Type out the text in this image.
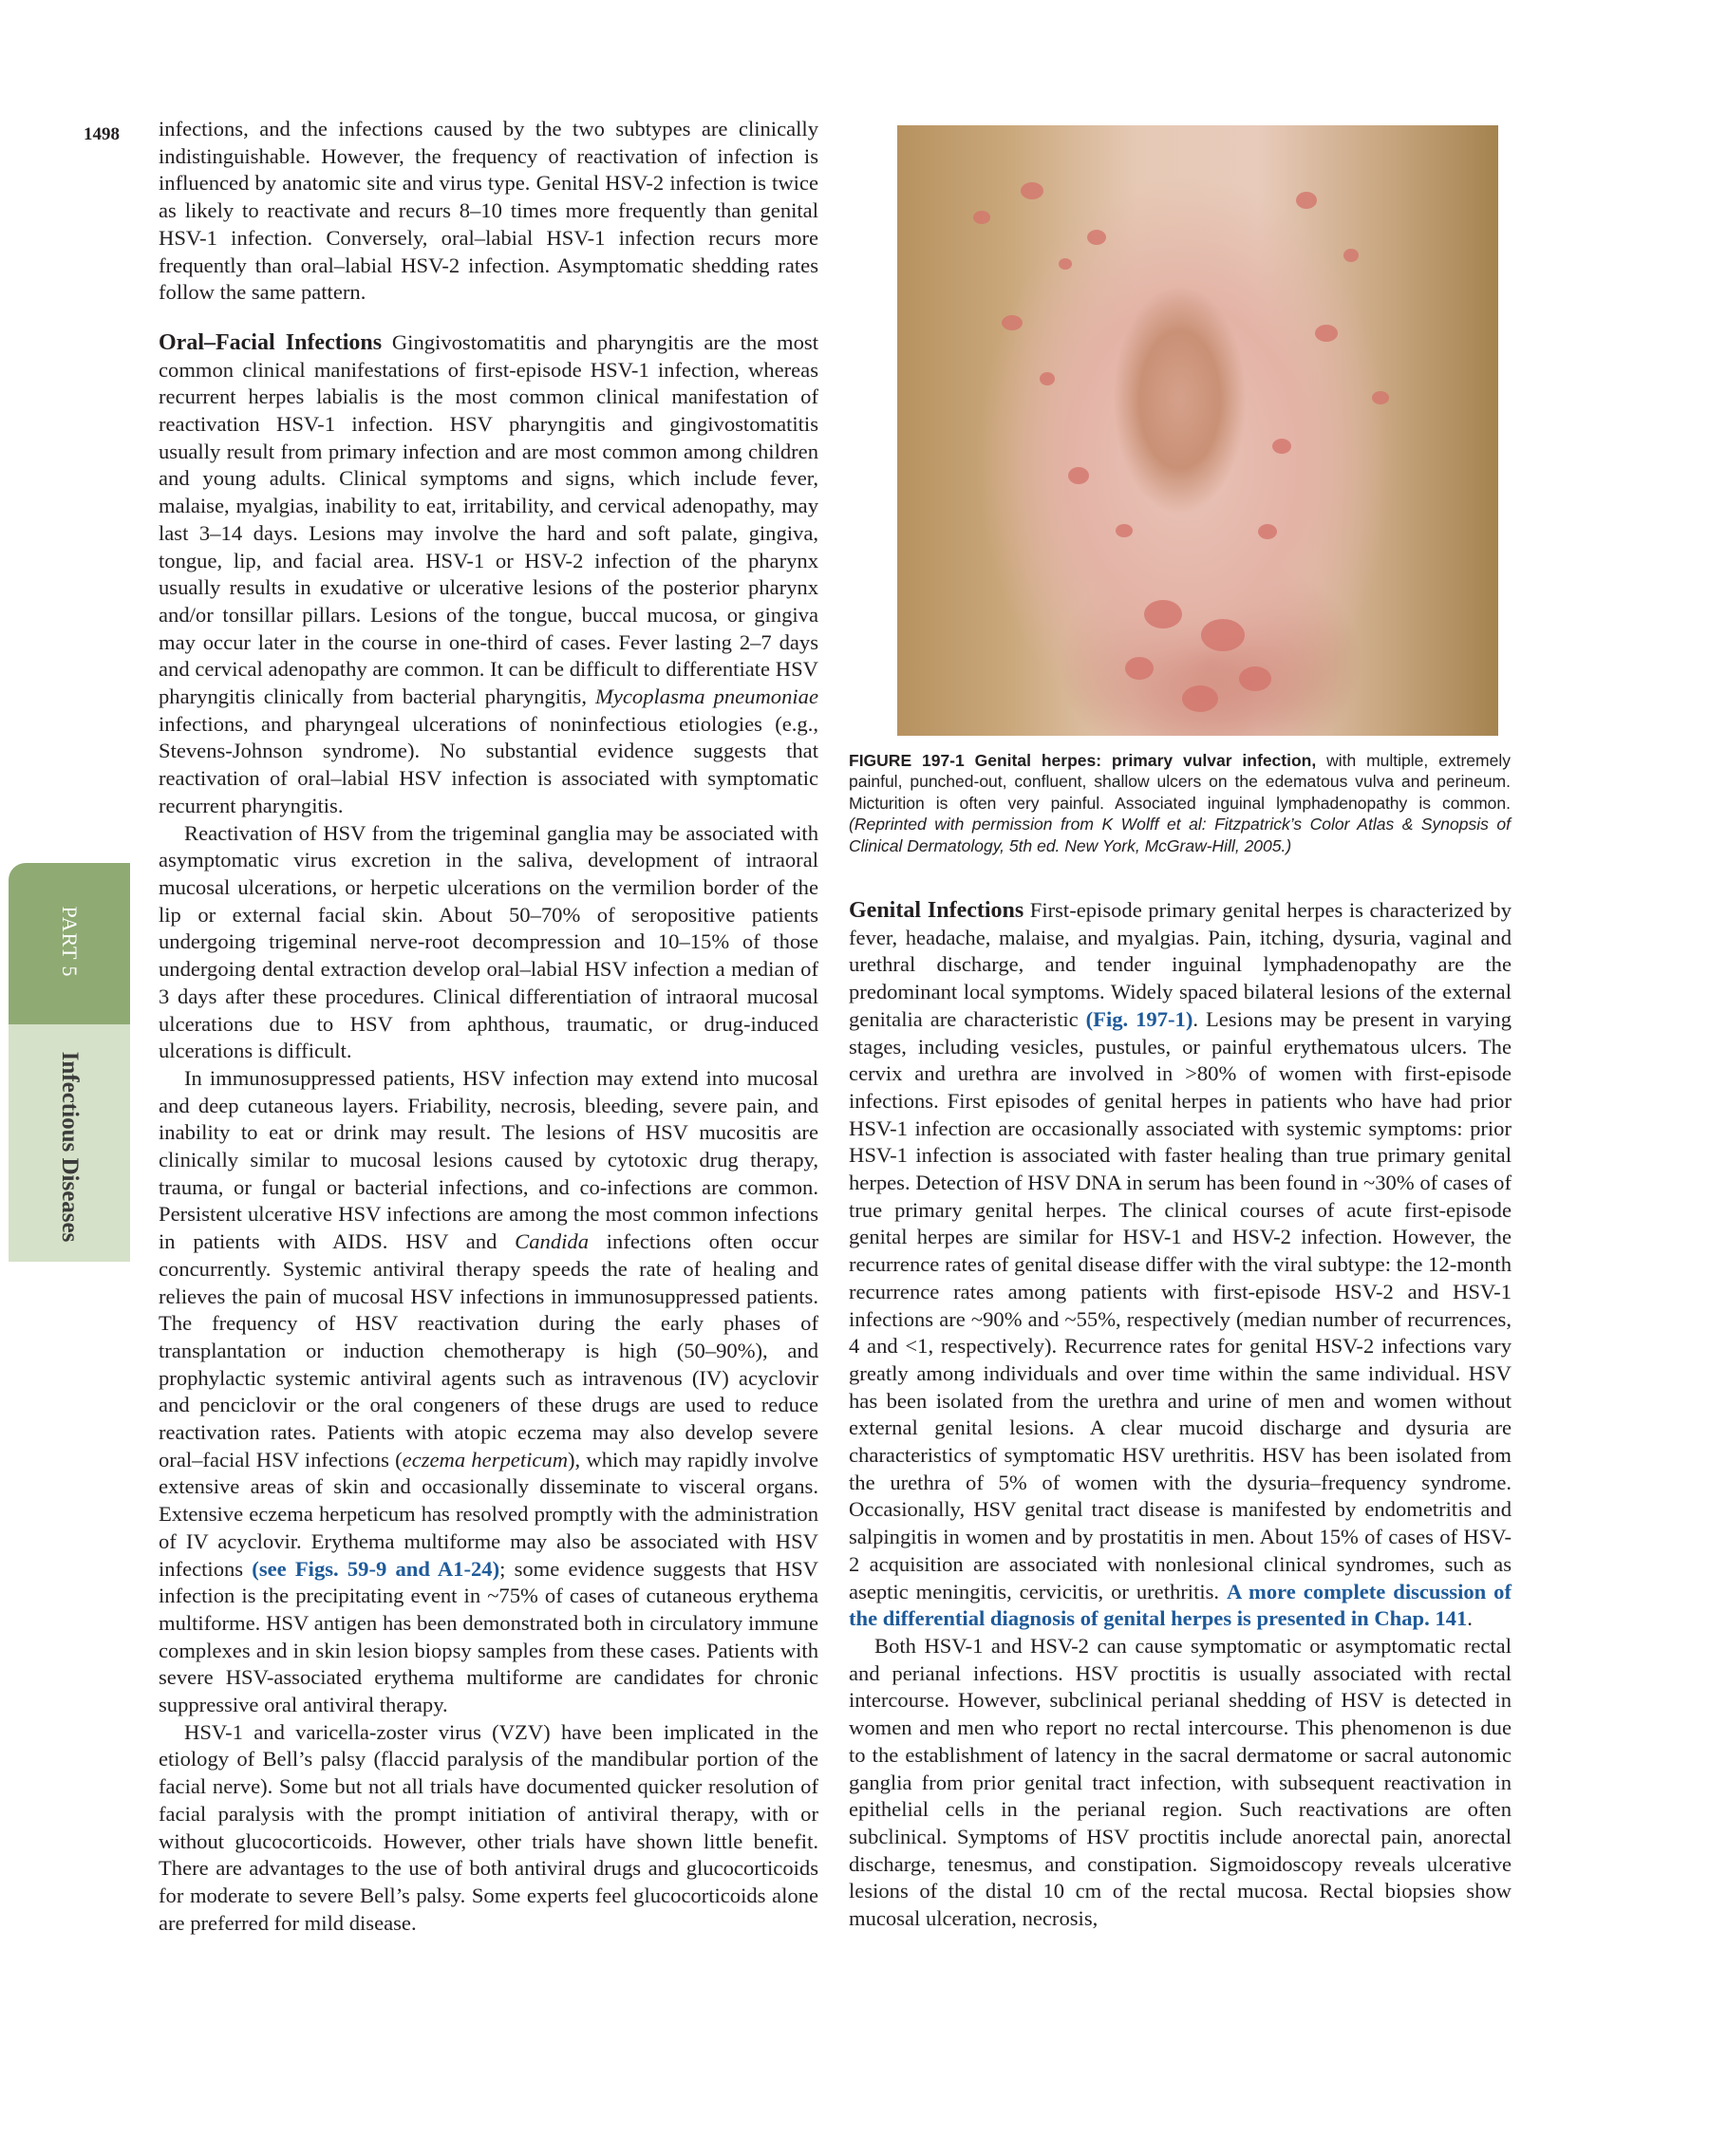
1498
PART 5
Infectious Diseases

infections, and the infections caused by the two subtypes are clinically indistinguishable. However, the frequency of reactivation of infection is influenced by anatomic site and virus type. Genital HSV-2 infection is twice as likely to reactivate and recurs 8–10 times more frequently than genital HSV-1 infection. Conversely, oral–labial HSV-1 infection recurs more frequently than oral–labial HSV-2 infection. Asymptomatic shedding rates follow the same pattern.

Oral–Facial Infections Gingivostomatitis and pharyngitis are the most common clinical manifestations of first-episode HSV-1 infection, whereas recurrent herpes labialis is the most common clinical manifestation of reactivation HSV-1 infection. HSV pharyngitis and gingivostomatitis usually result from primary infection and are most common among children and young adults. Clinical symptoms and signs, which include fever, malaise, myalgias, inability to eat, irritability, and cervical adenopathy, may last 3–14 days. Lesions may involve the hard and soft palate, gingiva, tongue, lip, and facial area. HSV-1 or HSV-2 infection of the pharynx usually results in exudative or ulcerative lesions of the posterior pharynx and/or tonsillar pillars. Lesions of the tongue, buccal mucosa, or gingiva may occur later in the course in one-third of cases. Fever lasting 2–7 days and cervical adenopathy are common. It can be difficult to differentiate HSV pharyngitis clinically from bacterial pharyngitis, Mycoplasma pneumoniae infections, and pharyngeal ulcerations of noninfectious etiologies (e.g., Stevens-Johnson syndrome). No substantial evidence suggests that reactivation of oral–labial HSV infection is associated with symptomatic recurrent pharyngitis.

Reactivation of HSV from the trigeminal ganglia may be associated with asymptomatic virus excretion in the saliva, development of intraoral mucosal ulcerations, or herpetic ulcerations on the vermilion border of the lip or external facial skin. About 50–70% of seropositive patients undergoing trigeminal nerve-root decompression and 10–15% of those undergoing dental extraction develop oral–labial HSV infection a median of 3 days after these procedures. Clinical differentiation of intraoral mucosal ulcerations due to HSV from aphthous, traumatic, or drug-induced ulcerations is difficult.

In immunosuppressed patients, HSV infection may extend into mucosal and deep cutaneous layers. Friability, necrosis, bleeding, severe pain, and inability to eat or drink may result. The lesions of HSV mucositis are clinically similar to mucosal lesions caused by cytotoxic drug therapy, trauma, or fungal or bacterial infections, and co-infections are common. Persistent ulcerative HSV infections are among the most common infections in patients with AIDS. HSV and Candida infections often occur concurrently. Systemic antiviral therapy speeds the rate of healing and relieves the pain of mucosal HSV infections in immunosuppressed patients. The frequency of HSV reactivation during the early phases of transplantation or induction chemotherapy is high (50–90%), and prophylactic systemic antiviral agents such as intravenous (IV) acyclovir and penciclovir or the oral congeners of these drugs are used to reduce reactivation rates. Patients with atopic eczema may also develop severe oral–facial HSV infections (eczema herpeticum), which may rapidly involve extensive areas of skin and occasionally disseminate to visceral organs. Extensive eczema herpeticum has resolved promptly with the administration of IV acyclovir. Erythema multiforme may also be associated with HSV infections (see Figs. 59-9 and A1-24); some evidence suggests that HSV infection is the precipitating event in ~75% of cases of cutaneous erythema multiforme. HSV antigen has been demonstrated both in circulatory immune complexes and in skin lesion biopsy samples from these cases. Patients with severe HSV-associated erythema multiforme are candidates for chronic suppressive oral antiviral therapy.

HSV-1 and varicella-zoster virus (VZV) have been implicated in the etiology of Bell’s palsy (flaccid paralysis of the mandibular portion of the facial nerve). Some but not all trials have documented quicker resolution of facial paralysis with the prompt initiation of antiviral therapy, with or without glucocorticoids. However, other trials have shown little benefit. There are advantages to the use of both antiviral drugs and glucocorticoids for moderate to severe Bell’s palsy. Some experts feel glucocorticoids alone are preferred for mild disease.

FIGURE 197-1 Genital herpes: primary vulvar infection, with multiple, extremely painful, punched-out, confluent, shallow ulcers on the edematous vulva and perineum. Micturition is often very painful. Associated inguinal lymphadenopathy is common. (Reprinted with permission from K Wolff et al: Fitzpatrick’s Color Atlas & Synopsis of Clinical Dermatology, 5th ed. New York, McGraw-Hill, 2005.)

Genital Infections First-episode primary genital herpes is characterized by fever, headache, malaise, and myalgias. Pain, itching, dysuria, vaginal and urethral discharge, and tender inguinal lymphadenopathy are the predominant local symptoms. Widely spaced bilateral lesions of the external genitalia are characteristic (Fig. 197-1). Lesions may be present in varying stages, including vesicles, pustules, or painful erythematous ulcers. The cervix and urethra are involved in >80% of women with first-episode infections. First episodes of genital herpes in patients who have had prior HSV-1 infection are occasionally associated with systemic symptoms: prior HSV-1 infection is associated with faster healing than true primary genital herpes. Detection of HSV DNA in serum has been found in ~30% of cases of true primary genital herpes. The clinical courses of acute first-episode genital herpes are similar for HSV-1 and HSV-2 infection. However, the recurrence rates of genital disease differ with the viral subtype: the 12-month recurrence rates among patients with first-episode HSV-2 and HSV-1 infections are ~90% and ~55%, respectively (median number of recurrences, 4 and <1, respectively). Recurrence rates for genital HSV-2 infections vary greatly among individuals and over time within the same individual. HSV has been isolated from the urethra and urine of men and women without external genital lesions. A clear mucoid discharge and dysuria are characteristics of symptomatic HSV urethritis. HSV has been isolated from the urethra of 5% of women with the dysuria–frequency syndrome. Occasionally, HSV genital tract disease is manifested by endometritis and salpingitis in women and by prostatitis in men. About 15% of cases of HSV-2 acquisition are associated with nonlesional clinical syndromes, such as aseptic meningitis, cervicitis, or urethritis. A more complete discussion of the differential diagnosis of genital herpes is presented in Chap. 141.

Both HSV-1 and HSV-2 can cause symptomatic or asymptomatic rectal and perianal infections. HSV proctitis is usually associated with rectal intercourse. However, subclinical perianal shedding of HSV is detected in women and men who report no rectal intercourse. This phenomenon is due to the establishment of latency in the sacral dermatome or sacral autonomic ganglia from prior genital tract infection, with subsequent reactivation in epithelial cells in the perianal region. Such reactivations are often subclinical. Symptoms of HSV proctitis include anorectal pain, anorectal discharge, tenesmus, and constipation. Sigmoidoscopy reveals ulcerative lesions of the distal 10 cm of the rectal mucosa. Rectal biopsies show mucosal ulceration, necrosis,
